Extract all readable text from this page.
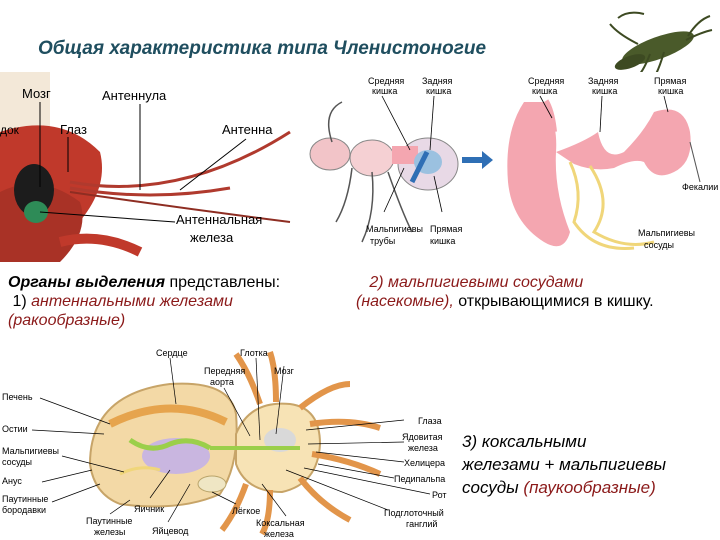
Общая характеристика типа Членистоногие
док
Мозг	Антеннула
Глаз	Антенна
Антеннальная
железа
Средняя
кишка
Задняя
кишка
Мальпигиевы
трубы
Прямая
кишка
Средняя
кишка
Задняя
кишка
Прямая
кишка
Фекалии
Мальпигиевы
сосуды
Органы выделения представлены:
1) антеннальными железами
(ракообразные)
2) мальпигиевыми сосудами
(насекомые), открывающимися в кишку.
Сердце	Глотка
Передняя
аорта
Мозг
Печень
Остии
Мальпигиевы
сосуды
Анус
Паутинные
бородавки
Паутинные
железы
Яичник
Яйцевод
Лёгкое
Коксальная
железа
Глаза
Ядовитая
железа
Хелицера
Педипальпа
Рот
Подглоточный
ганглий
3) коксальными
железами + мальпигиевы
сосуды (паукообразные)
